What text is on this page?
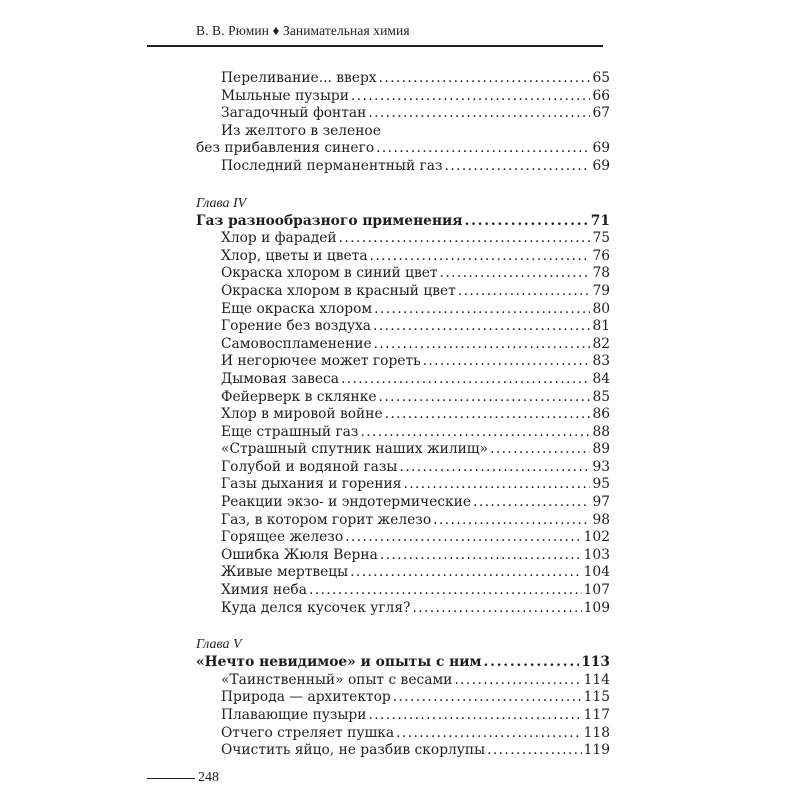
В. В. Рюмин ♦ Занимательная химия
Переливание... вверх . . .	65
Мыльные пузыри . . .	66
Загадочный фонтан . . .	67
Из желтого в зеленое
без прибавления синего . . .	69
Последний перманентный газ . . .	69
Глава IV
Газ разнообразного применения . . .	71
Хлор и фарадей . . .	75
Хлор, цветы и цвета . . .	76
Окраска хлором в синий цвет . . .	78
Окраска хлором в красный цвет . . .	79
Еще окраска хлором . . .	80
Горение без воздуха . . .	81
Самовоспламенение . . .	82
И негорючее может гореть . . .	83
Дымовая завеса . . .	84
Фейерверк в склянке . . .	85
Хлор в мировой войне . . .	86
Еще страшный газ . . .	88
«Страшный спутник наших жилищ» . . .	89
Голубой и водяной газы . . .	93
Газы дыхания и горения . . .	95
Реакции экзо- и эндотермические . . .	97
Газ, в котором горит железо . . .	98
Горящее железо . . .	102
Ошибка Жюля Верна . . .	103
Живые мертвецы . . .	104
Химия неба . . .	107
Куда делся кусочек угля? . . .	109
Глава V
«Нечто невидимое» и опыты с ним . . .	113
«Таинственный» опыт с весами . . .	114
Природа — архитектор . . .	115
Плавающие пузыри . . .	117
Отчего стреляет пушка . . .	118
Очистить яйцо, не разбив скорлупы . . .	119
248
